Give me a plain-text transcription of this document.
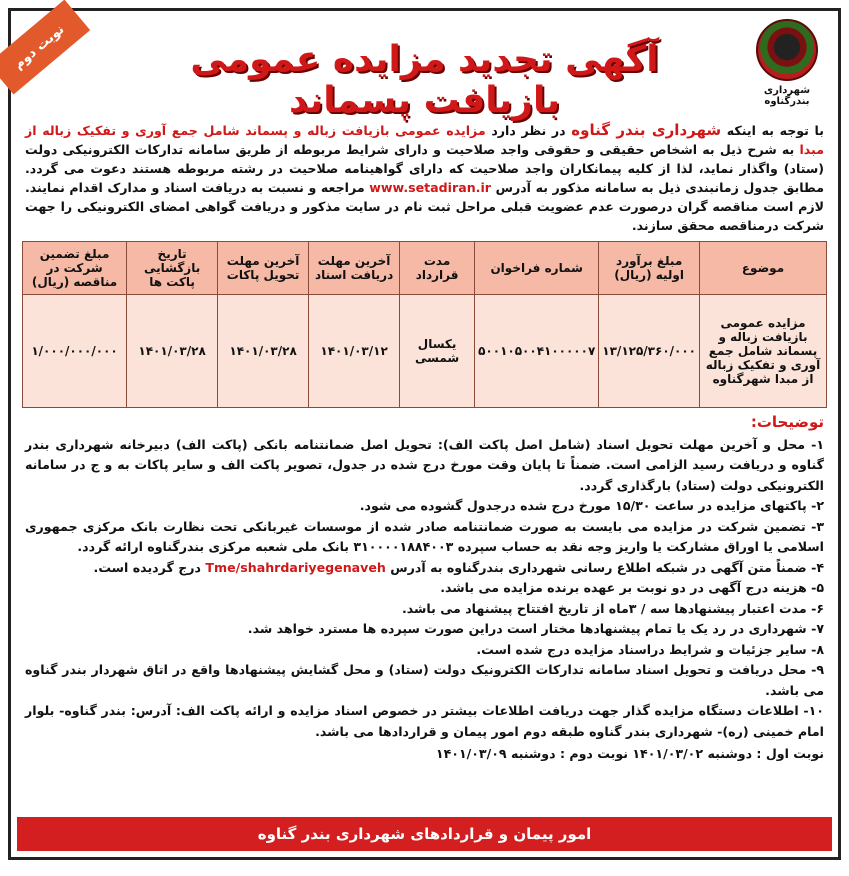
شهرداری بندرگناوه
آگهی تجدید مزایده عمومی بازیافت پسماند
نوبت دوم
با توجه به اینکه شهرداری بندر گناوه در نظر دارد مزایده عمومی بازیافت زباله و پسماند شامل جمع آوری و تفکیک زباله از مبدا به شرح ذیل به اشخاص حقیقی و حقوقی واجد صلاحیت و دارای شرایط مربوطه از طریق سامانه تدارکات الکترونیکی دولت (ستاد) واگذار نماید، لذا از کلیه پیمانکاران واجد صلاحیت که دارای گواهینامه صلاحیت در رشته مربوطه هستند دعوت می گردد. مطابق جدول زمانبندی ذیل به سامانه مذکور به آدرس www.setadiran.ir مراجعه و نسبت به دریافت اسناد و مدارک اقدام نمایند. لازم است مناقصه گران درصورت عدم عضویت قبلی مراحل ثبت نام در سایت مذکور و دریافت گواهی امضای الکترونیکی را جهت شرکت درمناقصه محقق سازند.
موضوع	مبلغ برآورد اولیه (ریال)	شماره فراخوان	مدت قرارداد	آخرین مهلت دریافت اسناد	آخرین مهلت تحویل پاکات	تاریخ بازگشایی پاکت ها	مبلغ تضمین شرکت در مناقصه (ریال)
مزایده عمومی بازیافت زباله و پسماند شامل جمع آوری و تفکیک زباله از مبدا شهرگناوه	۱۳/۱۲۵/۳۶۰/۰۰۰	۵۰۰۱۰۵۰۰۴۱۰۰۰۰۰۷	یکسال شمسی	۱۴۰۱/۰۳/۱۲	۱۴۰۱/۰۳/۲۸	۱۴۰۱/۰۳/۲۸	۱/۰۰۰/۰۰۰/۰۰۰
توضیحات:

۱- محل و آخرین مهلت تحویل اسناد (شامل اصل پاکت الف): تحویل اصل ضمانتنامه بانکی (پاکت الف) دبیرخانه شهرداری بندر گناوه و دریافت رسید الزامی است. ضمناً تا پایان وقت مورخ درج شده در جدول، تصویر پاکت الف و سایر پاکات به و ج در سامانه الکترونیکی دولت (ستاد) بارگذاری گردد.

۲- پاکتهای مزایده در ساعت ۱۵/۳۰ مورخ درج شده درجدول گشوده می شود.

۳- تضمین شرکت در مزایده می بایست به صورت ضمانتنامه صادر شده از موسسات غیربانکی تحت نظارت بانک مرکزی جمهوری اسلامی یا اوراق مشارکت یا واریز وجه نقد به حساب سپرده ۳۱۰۰۰۰۱۸۸۴۰۰۳ بانک ملی شعبه مرکزی بندرگناوه ارائه گردد.

۴- ضمناً متن آگهی در شبکه اطلاع رسانی شهرداری بندرگناوه به آدرس Tme/shahrdariyegenaveh درج گردیده است.

۵- هزینه درج آگهی در دو نوبت بر عهده برنده مزایده می باشد.

۶- مدت اعتبار پیشنهادها سه / ۳ماه از تاریخ افتتاح پیشنهاد می باشد.

۷- شهرداری در رد یک یا تمام پیشنهادها مختار است دراین صورت سپرده ها مسترد خواهد شد.

۸- سایر جزئیات و شرایط دراسناد مزایده درج شده است.

۹- محل دریافت و تحویل اسناد سامانه تدارکات الکترونیک دولت (ستاد) و محل گشایش پیشنهادها واقع در اتاق شهردار بندر گناوه می باشد.

۱۰- اطلاعات دستگاه مزایده گذار جهت دریافت اطلاعات بیشتر در خصوص اسناد مزایده و ارائه پاکت الف: آدرس: بندر گناوه- بلوار امام خمینی (ره)- شهرداری بندر گناوه طبقه دوم امور پیمان و قراردادها می باشد.

نوبت اول : دوشنبه ۱۴۰۱/۰۳/۰۲ نوبت دوم : دوشنبه ۱۴۰۱/۰۳/۰۹
امور پیمان و قراردادهای شهرداری بندر گناوه
